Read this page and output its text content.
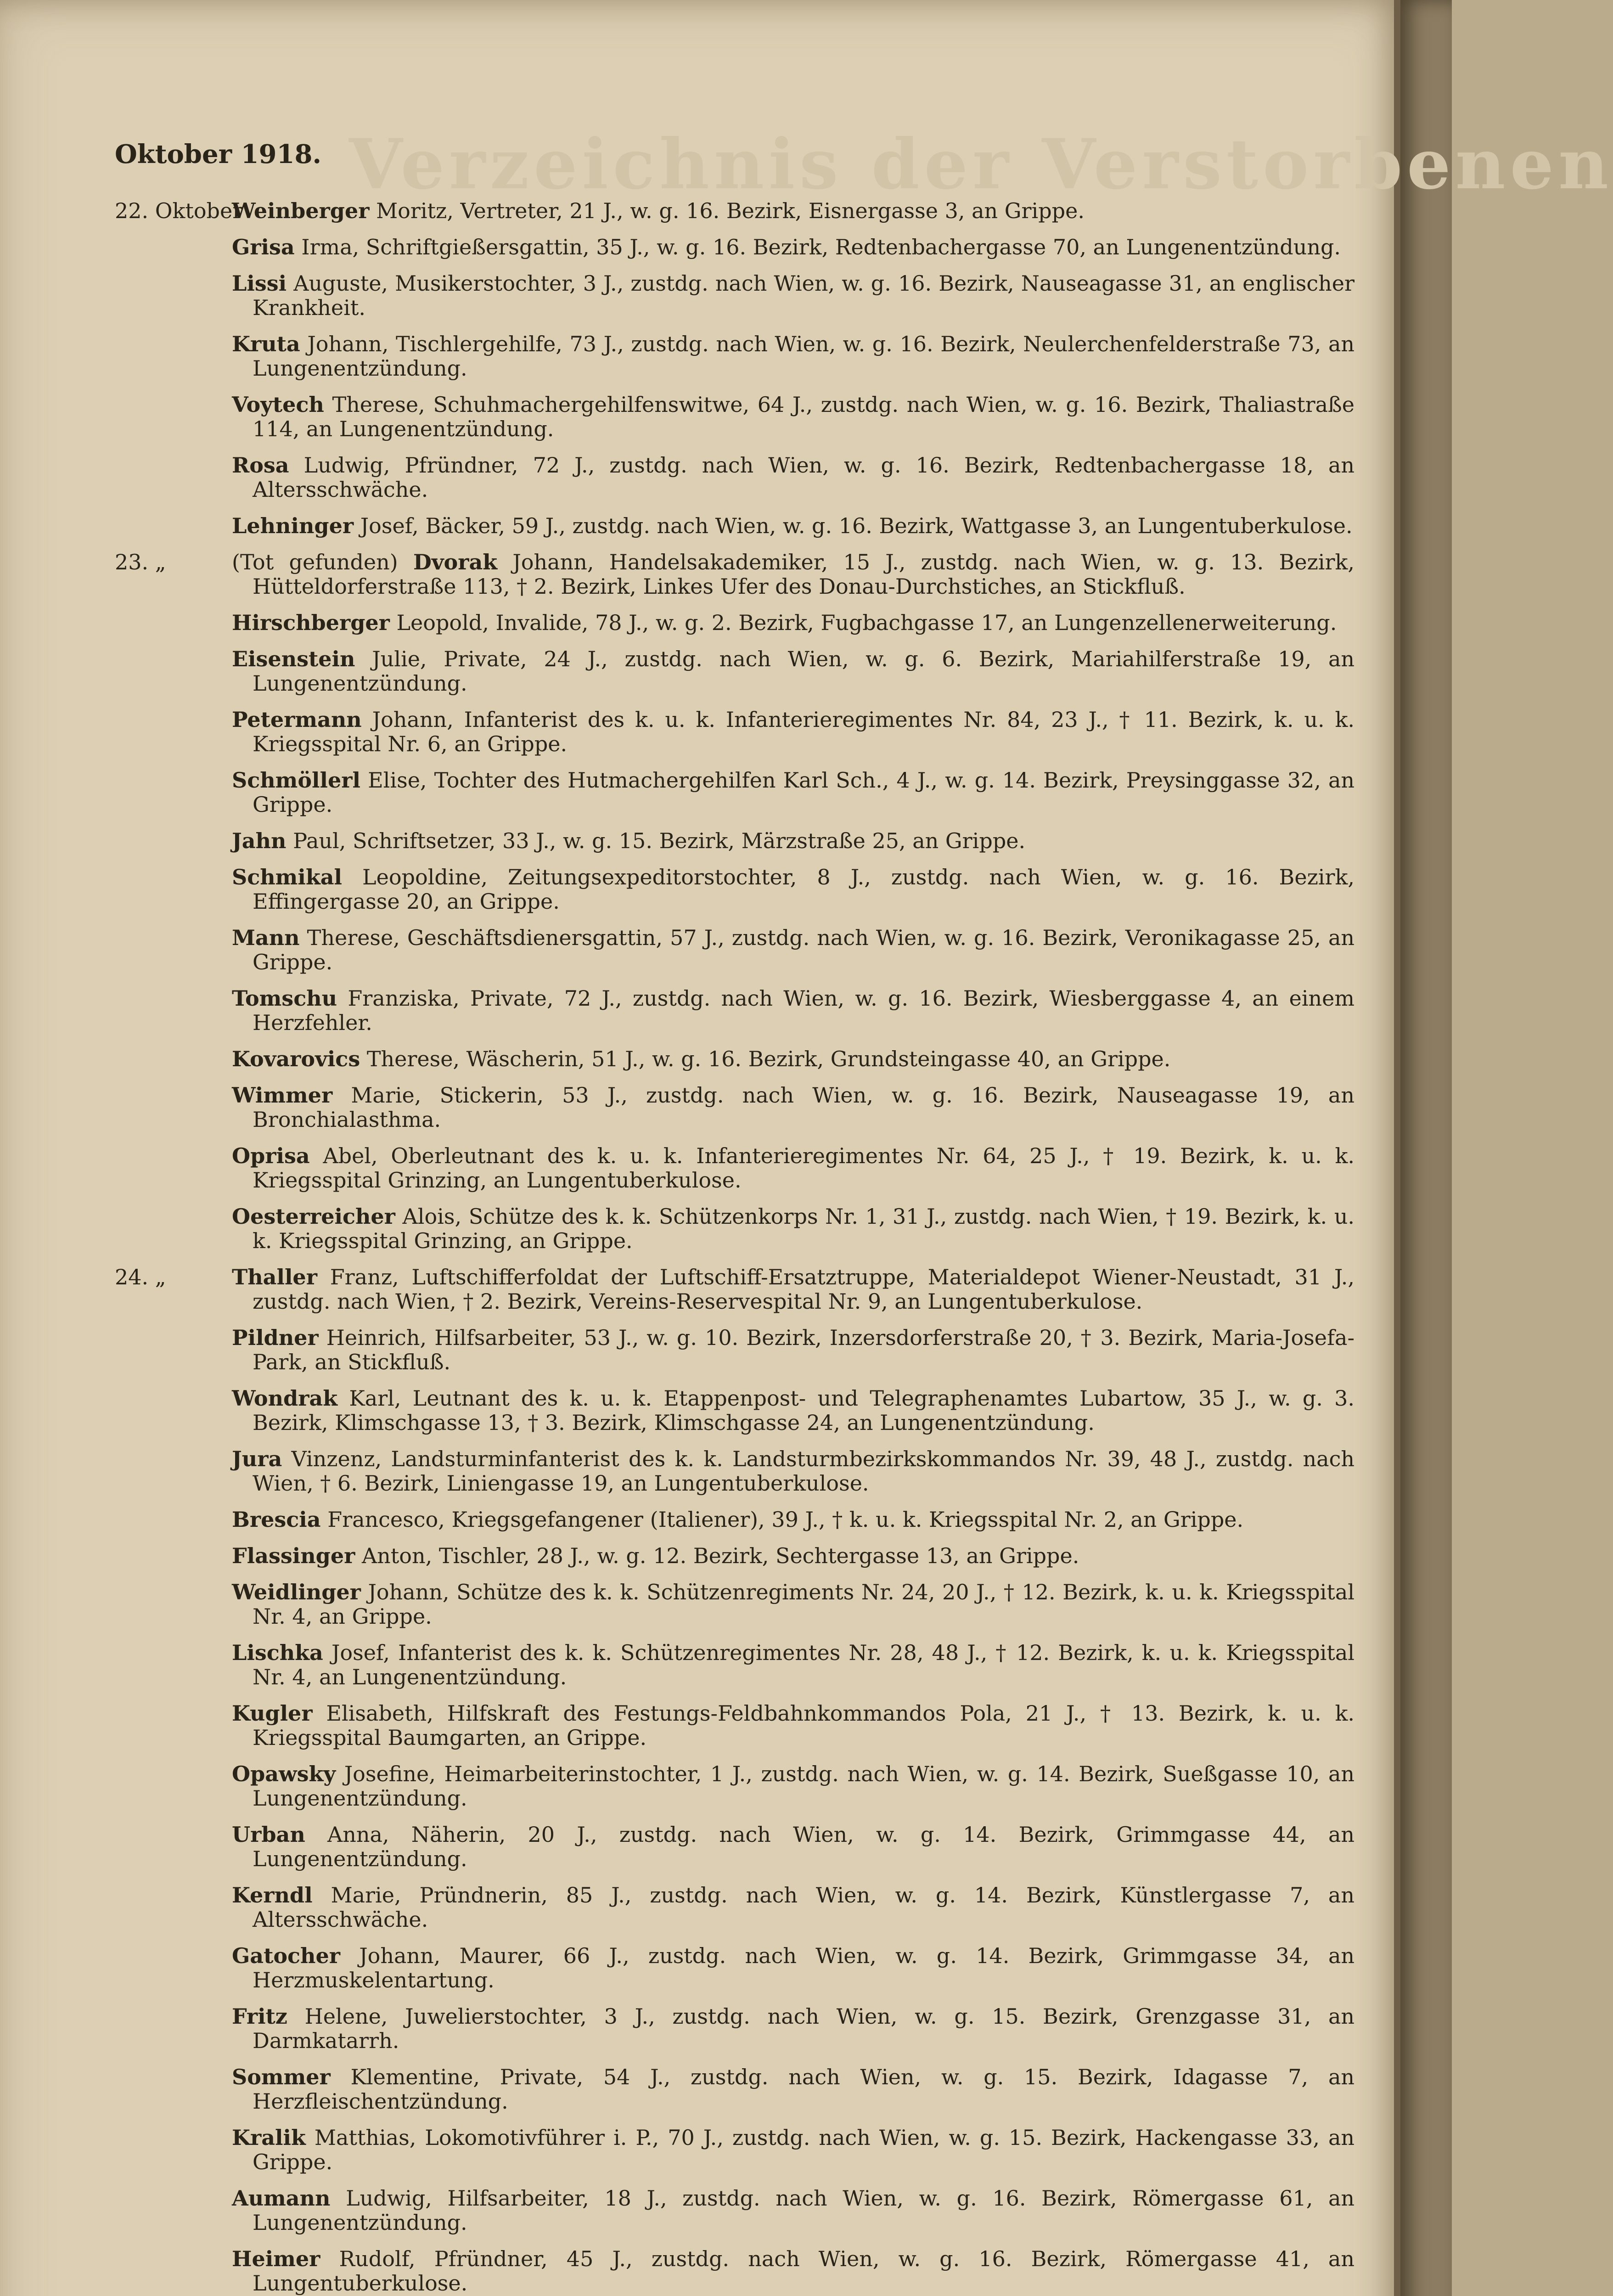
Verzeichnis der Verstorbenen
Oktober 1918.
22. Oktober
Weinberger Moritz, Vertreter, 21 J., w. g. 16. Bezirk, Eisnergasse 3, an Grippe.
Grisa Irma, Schriftgießersgattin, 35 J., w. g. 16. Bezirk, Redtenbachergasse 70, an Lungenentzündung.
Lissi Auguste, Musikerstochter, 3 J., zustdg. nach Wien, w. g. 16. Bezirk, Nauseagasse 31, an englischer Krankheit.
Kruta Johann, Tischlergehilfe, 73 J., zustdg. nach Wien, w. g. 16. Bezirk, Neulerchenfelderstraße 73, an Lungenentzündung.
Voytech Therese, Schuhmachergehilfenswitwe, 64 J., zustdg. nach Wien, w. g. 16. Bezirk, Thaliastraße 114, an Lungenentzündung.
Rosa Ludwig, Pfründner, 72 J., zustdg. nach Wien, w. g. 16. Bezirk, Redtenbachergasse 18, an Altersschwäche.
Lehninger Josef, Bäcker, 59 J., zustdg. nach Wien, w. g. 16. Bezirk, Wattgasse 3, an Lungentuberkulose.
23. „	(Tot gefunden) Dvorak Johann, Handelsakademiker, 15 J., zustdg. nach Wien, w. g. 13. Bezirk, Hütteldorferstraße 113, † 2. Bezirk, Linkes Ufer des Donau-Durchstiches, an Stickfluß.
Hirschberger Leopold, Invalide, 78 J., w. g. 2. Bezirk, Fugbachgasse 17, an Lungenzellenerweiterung.
Eisenstein Julie, Private, 24 J., zustdg. nach Wien, w. g. 6. Bezirk, Mariahilferstraße 19, an Lungenentzündung.
Petermann Johann, Infanterist des k. u. k. Infanterieregimentes Nr. 84, 23 J., † 11. Bezirk, k. u. k. Kriegsspital Nr. 6, an Grippe.
Schmöllerl Elise, Tochter des Hutmachergehilfen Karl Sch., 4 J., w. g. 14. Bezirk, Preysinggasse 32, an Grippe.
Jahn Paul, Schriftsetzer, 33 J., w. g. 15. Bezirk, Märzstraße 25, an Grippe.
Schmikal Leopoldine, Zeitungsexpeditorstochter, 8 J., zustdg. nach Wien, w. g. 16. Bezirk, Effingergasse 20, an Grippe.
Mann Therese, Geschäftsdienersgattin, 57 J., zustdg. nach Wien, w. g. 16. Bezirk, Veronikagasse 25, an Grippe.
Tomschu Franziska, Private, 72 J., zustdg. nach Wien, w. g. 16. Bezirk, Wiesberggasse 4, an einem Herzfehler.
Kovarovics Therese, Wäscherin, 51 J., w. g. 16. Bezirk, Grundsteingasse 40, an Grippe.
Wimmer Marie, Stickerin, 53 J., zustdg. nach Wien, w. g. 16. Bezirk, Nauseagasse 19, an Bronchialasthma.
Oprisa Abel, Oberleutnant des k. u. k. Infanterieregimentes Nr. 64, 25 J., † 19. Bezirk, k. u. k. Kriegsspital Grinzing, an Lungentuberkulose.
Oesterreicher Alois, Schütze des k. k. Schützenkorps Nr. 1, 31 J., zustdg. nach Wien, † 19. Bezirk, k. u. k. Kriegsspital Grinzing, an Grippe.
24. „	Thaller Franz, Luftschifferfoldat der Luftschiff-Ersatztruppe, Materialdepot Wiener-Neustadt, 31 J., zustdg. nach Wien, † 2. Bezirk, Vereins-Reservespital Nr. 9, an Lungentuberkulose.
Pildner Heinrich, Hilfsarbeiter, 53 J., w. g. 10. Bezirk, Inzersdorferstraße 20, † 3. Bezirk, Maria-Josefa-Park, an Stickfluß.
Wondrak Karl, Leutnant des k. u. k. Etappenpost- und Telegraphenamtes Lubartow, 35 J., w. g. 3. Bezirk, Klimschgasse 13, † 3. Bezirk, Klimschgasse 24, an Lungenentzündung.
Jura Vinzenz, Landsturminfanterist des k. k. Landsturmbezirkskommandos Nr. 39, 48 J., zustdg. nach Wien, † 6. Bezirk, Liniengasse 19, an Lungentuberkulose.
Brescia Francesco, Kriegsgefangener (Italiener), 39 J., † k. u. k. Kriegsspital Nr. 2, an Grippe.
Flassinger Anton, Tischler, 28 J., w. g. 12. Bezirk, Sechtergasse 13, an Grippe.
Weidlinger Johann, Schütze des k. k. Schützenregiments Nr. 24, 20 J., † 12. Bezirk, k. u. k. Kriegsspital Nr. 4, an Grippe.
Lischka Josef, Infanterist des k. k. Schützenregimentes Nr. 28, 48 J., † 12. Bezirk, k. u. k. Kriegsspital Nr. 4, an Lungenentzündung.
Kugler Elisabeth, Hilfskraft des Festungs-Feldbahnkommandos Pola, 21 J., † 13. Bezirk, k. u. k. Kriegsspital Baumgarten, an Grippe.
Opawsky Josefine, Heimarbeiterinstochter, 1 J., zustdg. nach Wien, w. g. 14. Bezirk, Sueßgasse 10, an Lungenentzündung.
Urban Anna, Näherin, 20 J., zustdg. nach Wien, w. g. 14. Bezirk, Grimmgasse 44, an Lungenentzündung.
Kerndl Marie, Pründnerin, 85 J., zustdg. nach Wien, w. g. 14. Bezirk, Künstlergasse 7, an Altersschwäche.
Gatocher Johann, Maurer, 66 J., zustdg. nach Wien, w. g. 14. Bezirk, Grimmgasse 34, an Herzmuskelentartung.
Fritz Helene, Juwelierstochter, 3 J., zustdg. nach Wien, w. g. 15. Bezirk, Grenzgasse 31, an Darmkatarrh.
Sommer Klementine, Private, 54 J., zustdg. nach Wien, w. g. 15. Bezirk, Idagasse 7, an Herzfleischentzündung.
Kralik Matthias, Lokomotivführer i. P., 70 J., zustdg. nach Wien, w. g. 15. Bezirk, Hackengasse 33, an Grippe.
Aumann Ludwig, Hilfsarbeiter, 18 J., zustdg. nach Wien, w. g. 16. Bezirk, Römergasse 61, an Lungenentzündung.
Heimer Rudolf, Pfründner, 45 J., zustdg. nach Wien, w. g. 16. Bezirk, Römergasse 41, an Lungentuberkulose.
